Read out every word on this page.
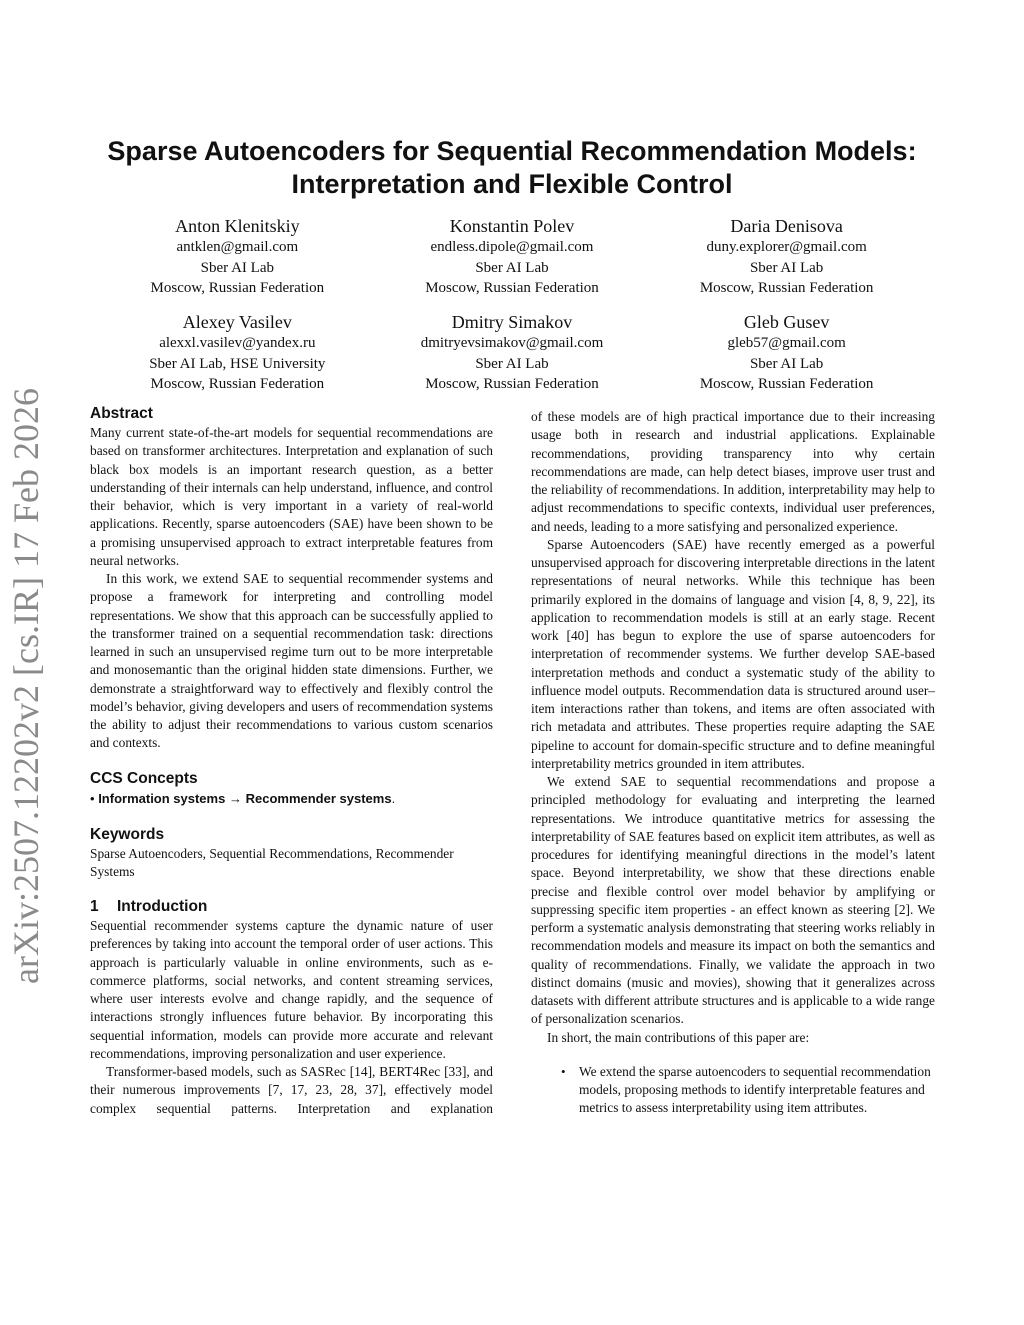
arXiv:2507.12202v2 [cs.IR] 17 Feb 2026
Sparse Autoencoders for Sequential Recommendation Models:
Interpretation and Flexible Control
Anton Klenitskiy
antklen@gmail.com
Sber AI Lab
Moscow, Russian Federation
Konstantin Polev
endless.dipole@gmail.com
Sber AI Lab
Moscow, Russian Federation
Daria Denisova
duny.explorer@gmail.com
Sber AI Lab
Moscow, Russian Federation
Alexey Vasilev
alexxl.vasilev@yandex.ru
Sber AI Lab, HSE University
Moscow, Russian Federation
Dmitry Simakov
dmitryevsimakov@gmail.com
Sber AI Lab
Moscow, Russian Federation
Gleb Gusev
gleb57@gmail.com
Sber AI Lab
Moscow, Russian Federation
Abstract

Many current state-of-the-art models for sequential recommendations are based on transformer architectures. Interpretation and explanation of such black box models is an important research question, as a better understanding of their internals can help understand, influence, and control their behavior, which is very important in a variety of real-world applications. Recently, sparse autoencoders (SAE) have been shown to be a promising unsupervised approach to extract interpretable features from neural networks.

In this work, we extend SAE to sequential recommender systems and propose a framework for interpreting and controlling model representations. We show that this approach can be successfully applied to the transformer trained on a sequential recommendation task: directions learned in such an unsupervised regime turn out to be more interpretable and monosemantic than the original hidden state dimensions. Further, we demonstrate a straightforward way to effectively and flexibly control the model’s behavior, giving developers and users of recommendation systems the ability to adjust their recommendations to various custom scenarios and contexts.

CCS Concepts
• Information systems → Recommender systems.
Keywords

Sparse Autoencoders, Sequential Recommendations, Recommender Systems

1 Introduction

Sequential recommender systems capture the dynamic nature of user preferences by taking into account the temporal order of user actions. This approach is particularly valuable in online environments, such as e-commerce platforms, social networks, and content streaming services, where user interests evolve and change rapidly, and the sequence of interactions strongly influences future behavior. By incorporating this sequential information, models can provide more accurate and relevant recommendations, improving personalization and user experience.

Transformer-based models, such as SASRec [14], BERT4Rec [33], and their numerous improvements [7, 17, 23, 28, 37], effectively model complex sequential patterns. Interpretation and explanation

of these models are of high practical importance due to their increasing usage both in research and industrial applications. Explainable recommendations, providing transparency into why certain recommendations are made, can help detect biases, improve user trust and the reliability of recommendations. In addition, interpretability may help to adjust recommendations to specific contexts, individual user preferences, and needs, leading to a more satisfying and personalized experience.

Sparse Autoencoders (SAE) have recently emerged as a powerful unsupervised approach for discovering interpretable directions in the latent representations of neural networks. While this technique has been primarily explored in the domains of language and vision [4, 8, 9, 22], its application to recommendation models is still at an early stage. Recent work [40] has begun to explore the use of sparse autoencoders for interpretation of recommender systems. We further develop SAE-based interpretation methods and conduct a systematic study of the ability to influence model outputs. Recommendation data is structured around user–item interactions rather than tokens, and items are often associated with rich metadata and attributes. These properties require adapting the SAE pipeline to account for domain-specific structure and to define meaningful interpretability metrics grounded in item attributes.

We extend SAE to sequential recommendations and propose a principled methodology for evaluating and interpreting the learned representations. We introduce quantitative metrics for assessing the interpretability of SAE features based on explicit item attributes, as well as procedures for identifying meaningful directions in the model’s latent space. Beyond interpretability, we show that these directions enable precise and flexible control over model behavior by amplifying or suppressing specific item properties - an effect known as steering [2]. We perform a systematic analysis demonstrating that steering works reliably in recommendation models and measure its impact on both the semantics and quality of recommendations. Finally, we validate the approach in two distinct domains (music and movies), showing that it generalizes across datasets with different attribute structures and is applicable to a wide range of personalization scenarios.

In short, the main contributions of this paper are:

•	We extend the sparse autoencoders to sequential recommendation models, proposing methods to identify interpretable features and metrics to assess interpretability using item attributes.
